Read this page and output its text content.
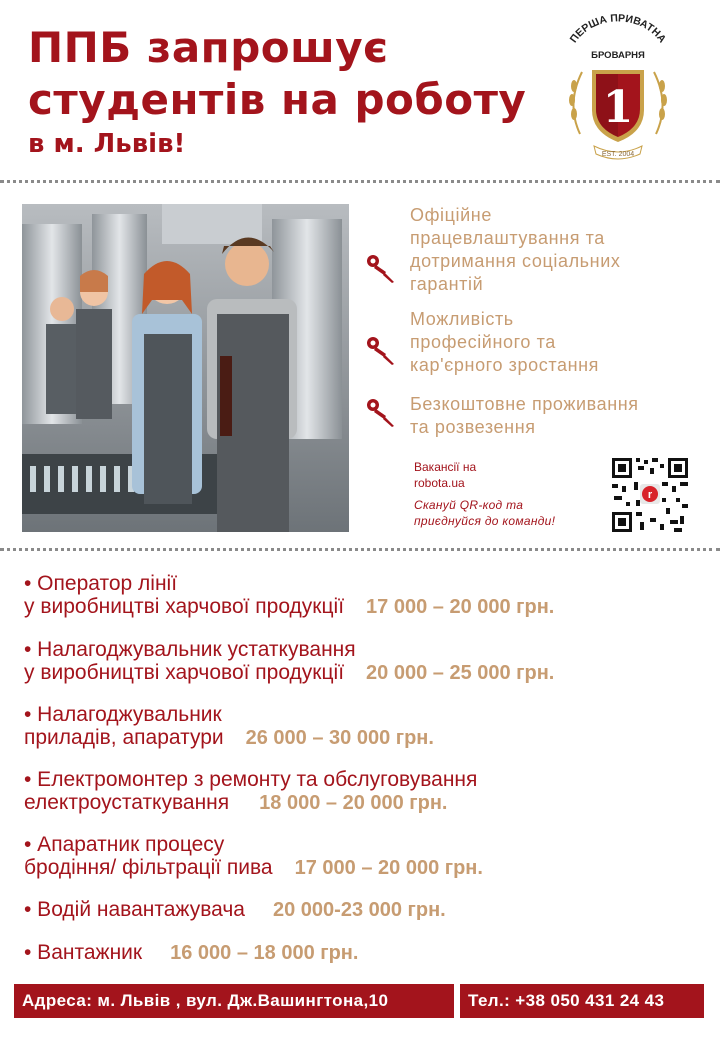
ППБ запрошує
студентів на роботу
в м. Львів!
ПЕРША ПРИВАТНА
БРОВАРНЯ
1
EST. 2004
Офіційне
працевлаштування та
дотримання соціальних
гарантій
Можливість
професійного та
кар'єрного зростання
Безкоштовне проживання
та розвезення
Вакансії на
robota.ua
Скануй QR-код та
приєднуйся до команди!
r
• Оператор лінії
у виробництві харчової продукції 17 000 – 20 000 грн.
• Налагоджувальник устаткування
у виробництві харчової продукції 20 000 – 25 000 грн.
• Налагоджувальник
приладів, апаратури 26 000 – 30 000 грн.
• Електромонтер з ремонту та обслуговування
електроустаткування 18 000 – 20 000 грн.
• Апаратник процесу
бродіння/ фільтрації пива 17 000 – 20 000 грн.
• Водій навантажувача 20 000-23 000 грн.
• Вантажник 16 000 – 18 000 грн.
Адреса: м. Львів , вул. Дж.Вашингтона,10	Тел.: +38 050 431 24 43
